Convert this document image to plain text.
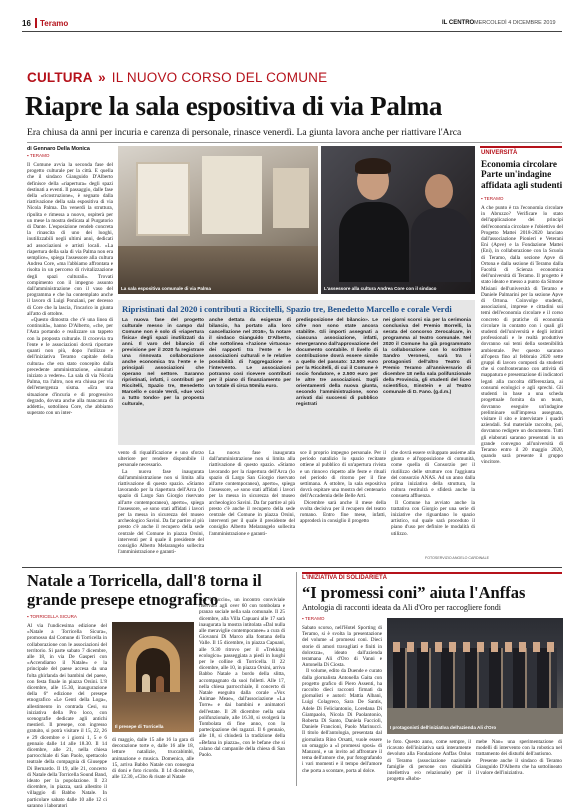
16 Teramo	IL CENTRO MERCOLEDÌ 4 DICEMBRE 2019
CULTURA » IL NUOVO CORSO DEL COMUNE
Riapre la sala espositiva di via Palma
Era chiusa da anni per incuria e carenza di personale, rinasce venerdì. La giunta lavora anche per riattivare l'Arca
di Gennaro Della Monica
▪ TERAMO

Il Comune avvia la seconda fase del progetto culturale per la città. E quella che il sindaco Gianguido D'Alberto definisce della «riapertura» degli spazi destinati a eventi. Il passaggio, dalle fase della «ricostruzione», è segnato dalla riattivazione della sala espositiva di via Nicola Palma. Da venerdì la struttura, ripulita e rimessa a nuovo, ospiterà per un mese la mostra dedicata al Purgatorio di Dante. L'esposizione rendeb concreta la rinascita di uno dei luoghi, inutilizzabili negli ultimi anni, dedicati ad associazioni e artisti locali. «La riapertura della sala di via Palma non era semplice», spiega l'assessore alla cultura Andrea Core, «ma l'abbiamo affrontata e risolta in un percorso di rivitalizzazione degli spazi culturali». Trovati compimento con il impegno assunto dall'amministrazione con il vaso del programma e che ha contemplato anche il lavoro di Luigi Ponziani, per decesso di Core che la lascia, l'incarico in giunta all'atto di ottobre.

«Questo dimostra che c'è una linea di continuità», hanno D'Alberto, «che, per l'Asta portando e realizzare un tappeto con la proposta culturale. Il crocevia tra l'ente e le associazioni dovrà riportare quanti non più, dopo l'utilizzo e dell'iniziativa Teramo capitale della cultura» che era stato concepito dalla precedente amministrazione, «insultati iniziato a vedere». La sala di via Nicola Palma, tra l'altro, non era chiusa per via dell'emergenza sisma. «Era una situazione d'incuria e di progressivo degrado, dovuta anche alla mancanza di addetti», sottolinea Core, che abbiamo superato con un inter-

La sala espositiva comunale di via Palma	L'assessore alla cultura Andrea Core con il sindaco
UNIVERSITÀ
Economia circolare Parte un'indagine affidata agli studenti
▪ TERAMO
A che punto è tra l'economia circolare in Abruzzo? Verificare lo stato dell'applicazione dei principi dell'economia circolare e l'obiettivo del Progetto Mattei 2018-2020 lanciato dall'associazione Pionieri e Veterani Eni (Apve) e la Fondazione Mattei (Eni), in collaborazione con la Scuola di Teramo, dalla sezione Apve di Ortona e dalla sezione di Teramo dalla Facoltà di Scienza economica dell'università di Teramo. Il progetto è stato ideato e messo a punto da Simone Misiani dell'università di Teramo e Daniele Palmarini per la sezione Apve di Ortona. Coinvolge studenti, associazioni, imprese e cittadini sui temi dell'economia circolare e il corso concreto di pratiche di economia circolare in contatto con i quali gli studenti dell'università e degli istituti professionali e le realtà produttive dovranno sui temi della sostenibilità ambientale. Per questo saranno all'opera fino al febbraio 2020 sette gruppi di lavoro composti da studenti che si confronteranno con attività di mappatura e presentazione di indicatori legati alla raccolta differenziata, ai consumi ecologici e agli sprechi. Gli studenti in base a una scheda progettuale fornita da un team, dovranno eseguire un'indagine preliminare sull'impresa assegnata, visitare il sito e intervistare i quadri aziendali. Sul materiale raccolto, poi, dovranno redigere un documento. Tutti gli elaborati saranno presentati in un grande convegno all'università di Teramo entro il 20 maggio 2020, quando sarà presente il gruppo vincitore.
Ripristinati dal 2020 i contributi a Riccitelli, Spazio tre, Benedetto Marcello e corale Verdi
La nuova fase del progetto culturale messo in campo dal Comune non è solo di «riapertura fisica» degli spazi inutilizzati da anni. Il varo del bilancio di previsione per il 2020 fa registrare una rinnovata collaborazione anche economica tra l'ente e le principali associazioni che operano nel settore. Saranno ripristinati, infatti, i contributi per Riccitelli, Spazio tre, Benedetto Marcello e corale Verdi, «due voci a tutto tondo» per la proposta culturale,
anche dettata da esigenze di bilancio, ha portato alla loro cancellazione nel 2016», fa notare il sindaco Gianguido D'Alberto, che sottolinea «l'azione virtuosa» dei rapporti tra l'ente e le associazioni culturali e le relative possibilità di l'aggregazione e l'intervento. Le associazioni potranno così ricevere contributi per il piano di finanziamento per un totale di circa 50mila euro.
predisposizione del bilancio». Le cifre non sono state ancora stabilite. Gli importi assegnati a ciascuna associazione, infatti, emergeranno dall'approvazione del documento contabile. Il livello di contribuzione dovrà essere simile a quello del passato: 12.500 euro per la Riccitelli, di cui il Comune è socio fondatore, e 2.500 euro per le altre tre associazioni. Sugli orientamenti della nuova giunta, secondo l'amministrazione, sono arrivati dai successi di pubblico registrati
nei giorni scorsi sia per la cerimonia conclusiva del Premio Borrelli, la serata del concorso Zerocalcare, in programma al teatro comunale. Nel 2020 il Comune ha già programmato la collaborazione con lo scrittore Sandro Veronesi, sarà tra i protagonisti dell'altro Teatro di Premio Teramo all'anniversario di dicembre 18 nella sala polifunzionale della Provincia, gli studenti del liceo scientifico, Einstein e al Teatro comunale di D. Fano. (g.d.m.)

vento di riqualificazione e uno sforzo ulteriore per rendere disponibile il personale necessario.

La nuova fase inaugurata dall'amministrazione non si limita alla riattivazione di questo spazio. «Stiamo lavorando per la riapertura dell'Arca (lo spazio di Largo San Giorgio riservato all'arte contemporanea), aperto», spiega l'assessore, «e sono stati affidati i lavori per la messa in sicurezza del museo archeologico Savini. Da far partire al più presto c'è anche il recupero della sede centrale del Comune in piazza Orsini, interventi per il quale il presidente del consiglio Alberto Melarangelo sollecita l'amministrazione e garanti-

La nuova fase inaugurata dall'amministrazione non si limita alla riattivazione di questo spazio. «Stiamo lavorando per la riapertura dell'Arca (lo spazio di Largo San Giorgio riservato all'arte contemporanea), aperto», spiega l'assessore, «e sono stati affidati i lavori per la messa in sicurezza del museo archeologico Savini. Da far partire al più presto c'è anche il recupero della sede centrale del Comune in piazza Orsini, interventi per il quale il presidente del consiglio Alberto Melarangelo sollecita l'amministrazione e garanti-

sce il proprio impegno personale. Per il periodo natalizio lo spazio recitante ottiene al pubblico di un'apertura rivista e un rinnovo rispetto alle feste e rituali nel periodo di ritorno per il fine settimana. A ottobre, la sala espositiva dovrà ospitare una mostra del centenario dell'Accademia delle Belle Arti.

Dicembre sarà anche il mese della svolta decisiva per il recupero del teatro romano. Entro fine mese, infatti, approderà in consiglio il progetto

che dovrà essere sviluppato assieme alla giunta e all'opposizione di comunità, come quella di Consorzio per il riutilizzo delle strutture con l'aggiunta del consorzio ANAS. Ad un anno dalla prima iniziativa della struttura, la cultura restituirà e sfiderà anche la consueta affluenza.

Il Comune ha avviato anche la trattativa con Giorgio per una serie di iniziative che riguardano lo spazio artistico, sul quale sarà proceduto il piano d'uso per definire le modalità di utilizzo.

FOTOSERVIZIO ANGELO CARDINALE
Natale a Torricella, dall'8 torna il grande presepe etnografico
▪ TORRICELLA SICURA
Al via l'undicesima edizione del «Natale a Torricella Sicura», promosso dal Comune di Torricella in collaborazione con le associazioni del territorio. Si parte sabato 7 dicembre, alle 18, in via De Gasperi con «Accendiamo il Natale» e la principale del paese accesa da una folta ghirlanda dei bambini del paese, con festa finale in piazza Orsini. L'8 dicembre, alle 15.30, inaugurazione della 6ª edizione del presepe etnografico «Le Genti della Loga», allestimento in contrada Cesi, su iniziativa della Pro loco, con scenografie dedicate agli antichi mestieri. Il presepe, con ingresso gratuito, si potrà visitare il 15, 22, 26 e 29 dicembre e i giorni 1, 5 e 6 gennaio dalle 14 alle 18.30. Il 14 dicembre, alle 21, nella chiesa parrocchiale di San Paolo, spettacolo teatrale della compagnia di Giuseppe Di Bernardo. Il 19, alle 21, concerto di Natale della Torricella Sound Band, ideato per la popolazione. Il 23 dicembre, in piazza, sarà allestito il villaggio di Babbo Natale. In particolare sabato dalle 10 alle 12 ci saranno i laboratori
Il presepe di Torricella
di maggio, dalle 15 alle 16 la gara di decorazione torte e, dalle 16 alle 18, letture natalizie, truccabimbi, animazione e musica. Domenica, alle 15, arriva Babbo Natale con consegna di doni e foto ricordo. Il 14 dicembre, alle 12.30, «Cibo & risate al Natale
con Nduccio», un incontro conviviale riservato agli over 60 con tombolata e pranzo sociale nella sala comunale. Il 25 dicembre, alla Villa Capuani alle 17 sarà inaugurata la mostra intitolata «Dal nulla alle meraviglie contemporanee» a cura di Giovanni Di Marco alla fontana della Valle. Il 15 dicembre, in piazza Capuani, alle 9.30 ritrovo per il «Trekking ecologico» passeggiata a piedi in luoghi per le colline di Torricella. Il 22 dicembre, alle 10, in piazza Orsini, arriva Babbo Natale a bordo della slitta, accompagnato da suoi folletti. Alle 17, nella chiesa parrocchiale, il concerto di Natale eseguito dalla corale «Vox Animae Meae», dall'associazione «La Torre» e dai bambini e animatori dell'estate. Il 28 dicembre nella sala polifunzionale, alle 16.30, si svolgerà la Tombolata di fine anno, con la partecipazione dei ragazzi. Il 6 gennaio, alle 18, si chiuderà la tradizione della «Befana in piazza», con le befane che si calano dal campanile della chiesa di San Paolo.
L'INIZIATIVA DI SOLIDARIETÀ
“I promessi coni” aiuta l'Anffas
Antologia di racconti ideata da Ali d'Oro per raccogliere fondi
▪ TERAMO

Sabato scorso, nell'Hotel Sporting di Teramo, si è svolta la presentazione del volume «I promessi coni. Dieci storie di amori travagliati e finiti in dolcezza», ideato dall'azienda teramana Ali d'Oro di Vanni e Antonella Di Ciosta.

Il volume, edito da Duende e curato dalla giornalista Antonella Gaita con progetto grafico di Piero Assenti, ha raccolto dieci racconti firmati da giornalisti e autori: Mattia Albani, Luigi Colagreco, Sara De Santis, Adele Di Feliciantonio, Loredana Di Giampaolo, Nicola Di Paolantonio, Roberta Di Santo, Daniela Faccioli, Daniele Francioni, Paolo Marinucci. Il titolo dell'antologia, presentata dal giornalista Rino Orsatti, vuole essere un omaggio a «I promessi sposi» di Manzoni, e un invito ad affrontare il tema dell'amore che, pur fotografando i vari momenti e il tempo dell'amore che porta a scontare, porta al dolce.

I protagonisti dell'iniziativa dell'azienda Ali d'Oro
le foto. Questo anno, come sempre, il ricavato dell'iniziativa sarà interamente devoluto alla Fondazione Anffas Onlus di Teramo (associazione nazionale famiglie di persone con disabilità intellettiva e/o relazionale) per il progetto «Robo-

mebe Nao» una sperimentazione di modelli di intervento con la robotica nel trattamento dei disturbi dell'autismo.

Presente anche il sindaco di Teramo Gianguido D'Alberto che ha sottolineato il valore dell'iniziativa.
